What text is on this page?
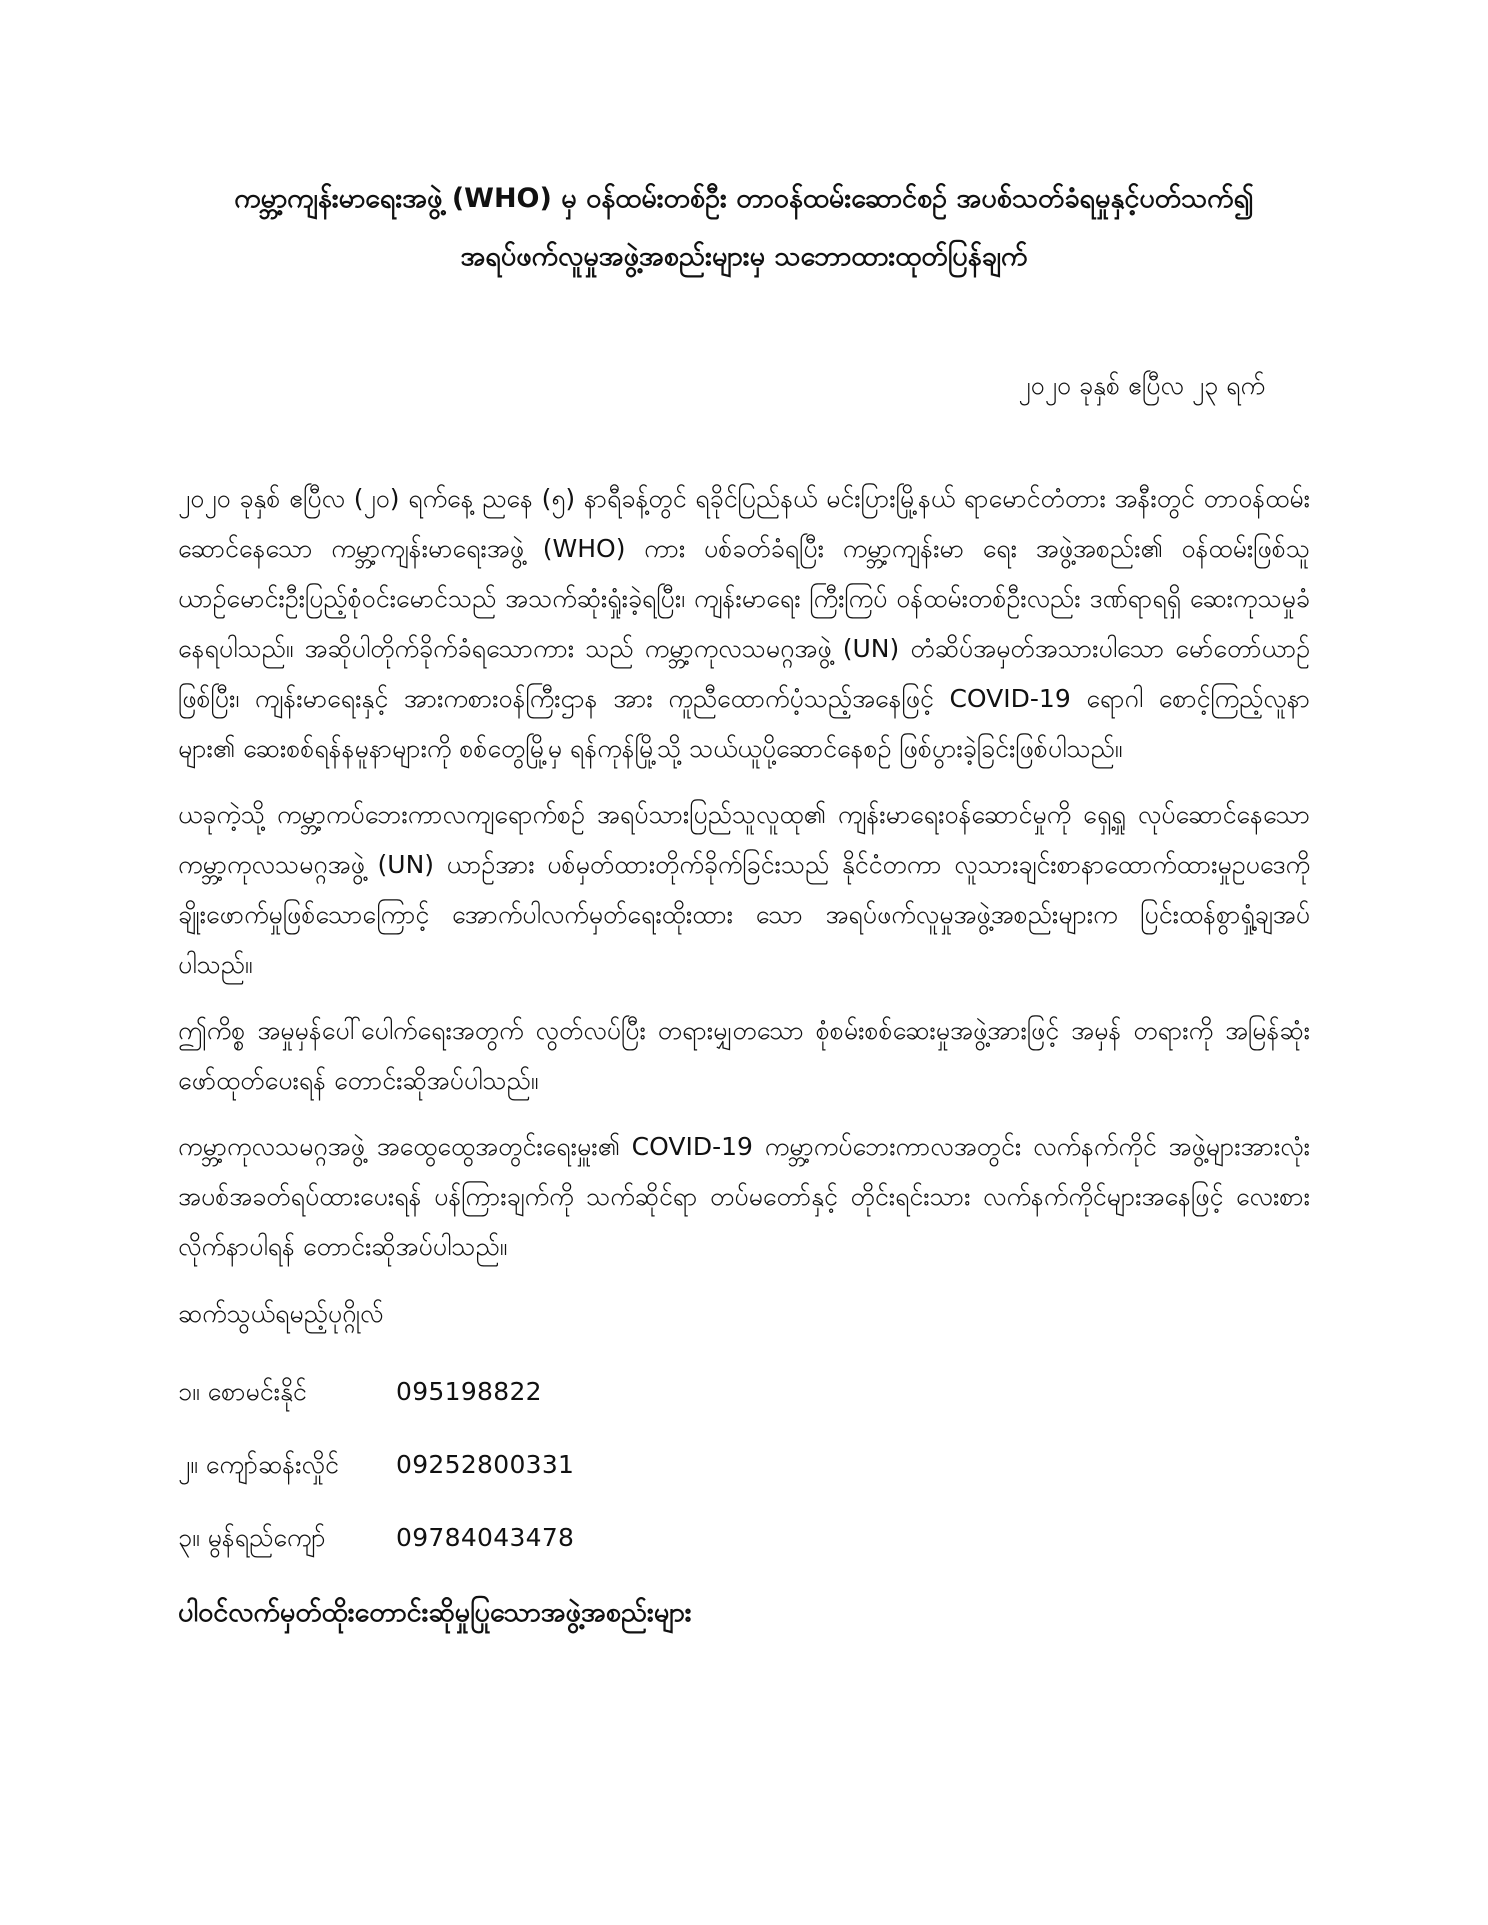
ကမ္ဘာ့ကျန်းမာရေးအဖွဲ့ (WHO) မှ ဝန်ထမ်းတစ်ဦး တာဝန်ထမ်းဆောင်စဉ် အပစ်သတ်ခံရမှုနှင့်ပတ်သက်၍
အရပ်ဖက်လူမှုအဖွဲ့အစည်းများမှ သဘောထားထုတ်ပြန်ချက်
၂၀၂၀ ခုနှစ် ဧပြီလ ၂၃ ရက်

၂၀၂၀ ခုနှစ် ဧပြီလ (၂၀) ရက်နေ့ ညနေ (၅) နာရီခန့်တွင် ရခိုင်ပြည်နယ် မင်းပြားမြို့နယ် ရာမောင်တံတား အနီးတွင် တာဝန်ထမ်းဆောင်နေသော ကမ္ဘာ့ကျန်းမာရေးအဖွဲ့ (WHO) ကား ပစ်ခတ်ခံရပြီး ကမ္ဘာ့ကျန်းမာ ရေး အဖွဲ့အစည်း၏ ဝန်ထမ်းဖြစ်သူ ယာဉ်မောင်းဦးပြည့်စုံဝင်းမောင်သည် အသက်ဆုံးရှုံးခဲ့ရပြီး၊ ကျန်းမာရေး ကြီးကြပ် ဝန်ထမ်းတစ်ဦးလည်း ဒဏ်ရာရရှိ ဆေးကုသမှုခံနေရပါသည်။ အဆိုပါတိုက်ခိုက်ခံရသောကား သည် ကမ္ဘာ့ကုလသမဂ္ဂအဖွဲ့ (UN) တံဆိပ်အမှတ်အသားပါသော မော်တော်ယာဉ်ဖြစ်ပြီး၊ ကျန်းမာရေးနှင့် အားကစားဝန်ကြီးဌာန အား ကူညီထောက်ပံ့သည့်အနေဖြင့် COVID-19 ရောဂါ စောင့်ကြည့်လူနာများ၏ ဆေးစစ်ရန်နမူနာများကို စစ်တွေမြို့မှ ရန်ကုန်မြို့သို့ သယ်ယူပို့ဆောင်နေစဉ် ဖြစ်ပွားခဲ့ခြင်းဖြစ်ပါသည်။

ယခုကဲ့သို့ ကမ္ဘာ့ကပ်ဘေးကာလကျရောက်စဉ် အရပ်သားပြည်သူလူထု၏ ကျန်းမာရေးဝန်ဆောင်မှုကို ရှေ့ရှု လုပ်ဆောင်နေသော ကမ္ဘာ့ကုလသမဂ္ဂအဖွဲ့ (UN) ယာဉ်အား ပစ်မှတ်ထားတိုက်ခိုက်ခြင်းသည် နိုင်ငံတကာ လူသားချင်းစာနာထောက်ထားမှုဥပဒေကို ချိုးဖောက်မှုဖြစ်သောကြောင့် အောက်ပါလက်မှတ်ရေးထိုးထား သော အရပ်ဖက်လူမှုအဖွဲ့အစည်းများက ပြင်းထန်စွာရှုံ့ချအပ်ပါသည်။

ဤကိစ္စ အမှုမှန်ပေါ်ပေါက်ရေးအတွက် လွတ်လပ်ပြီး တရားမျှတသော စုံစမ်းစစ်ဆေးမှုအဖွဲ့အားဖြင့် အမှန် တရားကို အမြန်ဆုံးဖော်ထုတ်ပေးရန် တောင်းဆိုအပ်ပါသည်။

ကမ္ဘာ့ကုလသမဂ္ဂအဖွဲ့ အထွေထွေအတွင်းရေးမှူး၏ COVID-19 ကမ္ဘာ့ကပ်ဘေးကာလအတွင်း လက်နက်ကိုင် အဖွဲ့များအားလုံး အပစ်အခတ်ရပ်ထားပေးရန် ပန်ကြားချက်ကို သက်ဆိုင်ရာ တပ်မတော်နှင့် တိုင်းရင်းသား လက်နက်ကိုင်များအနေဖြင့် လေးစားလိုက်နာပါရန် တောင်းဆိုအပ်ပါသည်။

ဆက်သွယ်ရမည့်ပုဂ္ဂိုလ်
၁။ စောမင်းနိုင်	095198822
၂။ ကျော်ဆန်းလှိုင်	09252800331
၃။ မွန်ရည်ကျော်	09784043478
ပါဝင်လက်မှတ်ထိုးတောင်းဆိုမှုပြုသောအဖွဲ့အစည်းများ
